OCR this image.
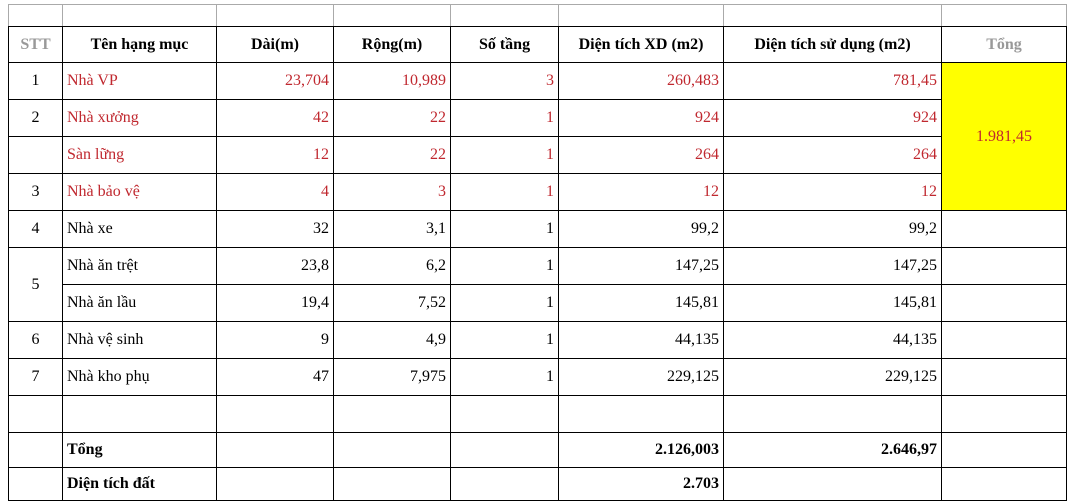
STT	Tên hạng mục	Dài(m)	Rộng(m)	Số tầng	Diện tích XD (m2)	Diện tích sử dụng (m2)	Tổng
1	Nhà VP	23,704	10,989	3	260,483	781,45	1.981,45
2	Nhà xưởng	42	22	1	924	924	
	Sàn lững	12	22	1	264	264	
3	Nhà bảo vệ	4	3	1	12	12	
4	Nhà xe	32	3,1	1	99,2	99,2	
5	Nhà ăn trệt	23,8	6,2	1	147,25	147,25	
	Nhà ăn lầu	19,4	7,52	1	145,81	145,81	
6	Nhà vệ sinh	9	4,9	1	44,135	44,135	
7	Nhà kho phụ	47	7,975	1	229,125	229,125	

	Tổng				2.126,003	2.646,97	
	Diện tích đất				2.703		
